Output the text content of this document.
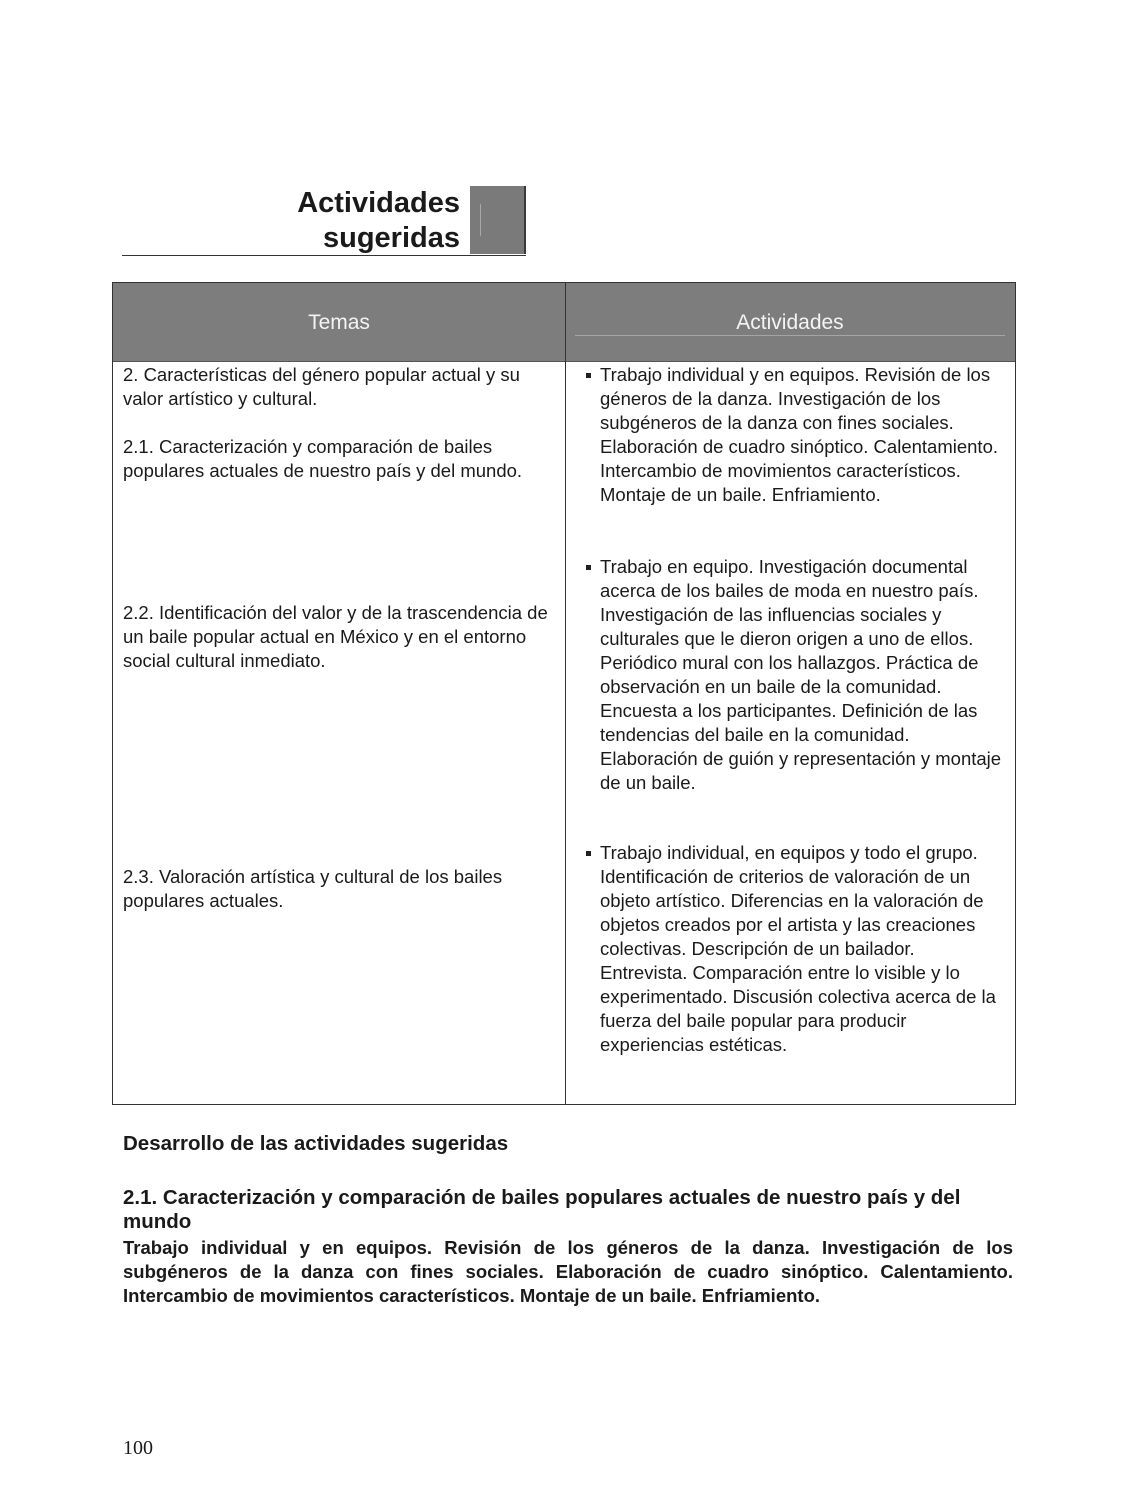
Actividades
sugeridas
Temas	Actividades
2. Características del género popular actual y su valor artístico y cultural.
2.1. Caracterización y comparación de bailes populares actuales de nuestro país y del mundo.
2.2. Identificación del valor y de la trascendencia de un baile popular actual en México y en el entorno social cultural inmediato.
2.3. Valoración artística y cultural de los bailes populares actuales.
Trabajo individual y en equipos. Revisión de los géneros de la danza. Investigación de los subgéneros de la danza con fines sociales. Elaboración de cuadro sinóptico. Calentamiento. Intercambio de movimientos característicos. Montaje de un baile. Enfriamiento.
Trabajo en equipo. Investigación documental acerca de los bailes de moda en nuestro país. Investigación de las influencias sociales y culturales que le dieron origen a uno de ellos. Periódico mural con los hallazgos. Práctica de observación en un baile de la comunidad. Encuesta a los participantes. Definición de las tendencias del baile en la comunidad. Elaboración de guión y representación y montaje de un baile.
Trabajo individual, en equipos y todo el grupo. Identificación de criterios de valoración de un objeto artístico. Diferencias en la valoración de objetos creados por el artista y las creaciones colectivas. Descripción de un bailador. Entrevista. Comparación entre lo visible y lo experimentado. Discusión colectiva acerca de la fuerza del baile popular para producir experiencias estéticas.
Desarrollo de las actividades sugeridas
2.1. Caracterización y comparación de bailes populares actuales de nuestro país y del mundo
Trabajo individual y en equipos. Revisión de los géneros de la danza. Investigación de los subgéneros de la danza con fines sociales. Elaboración de cuadro sinóptico. Calentamiento. Intercambio de movimientos característicos. Montaje de un baile. Enfriamiento.
100
